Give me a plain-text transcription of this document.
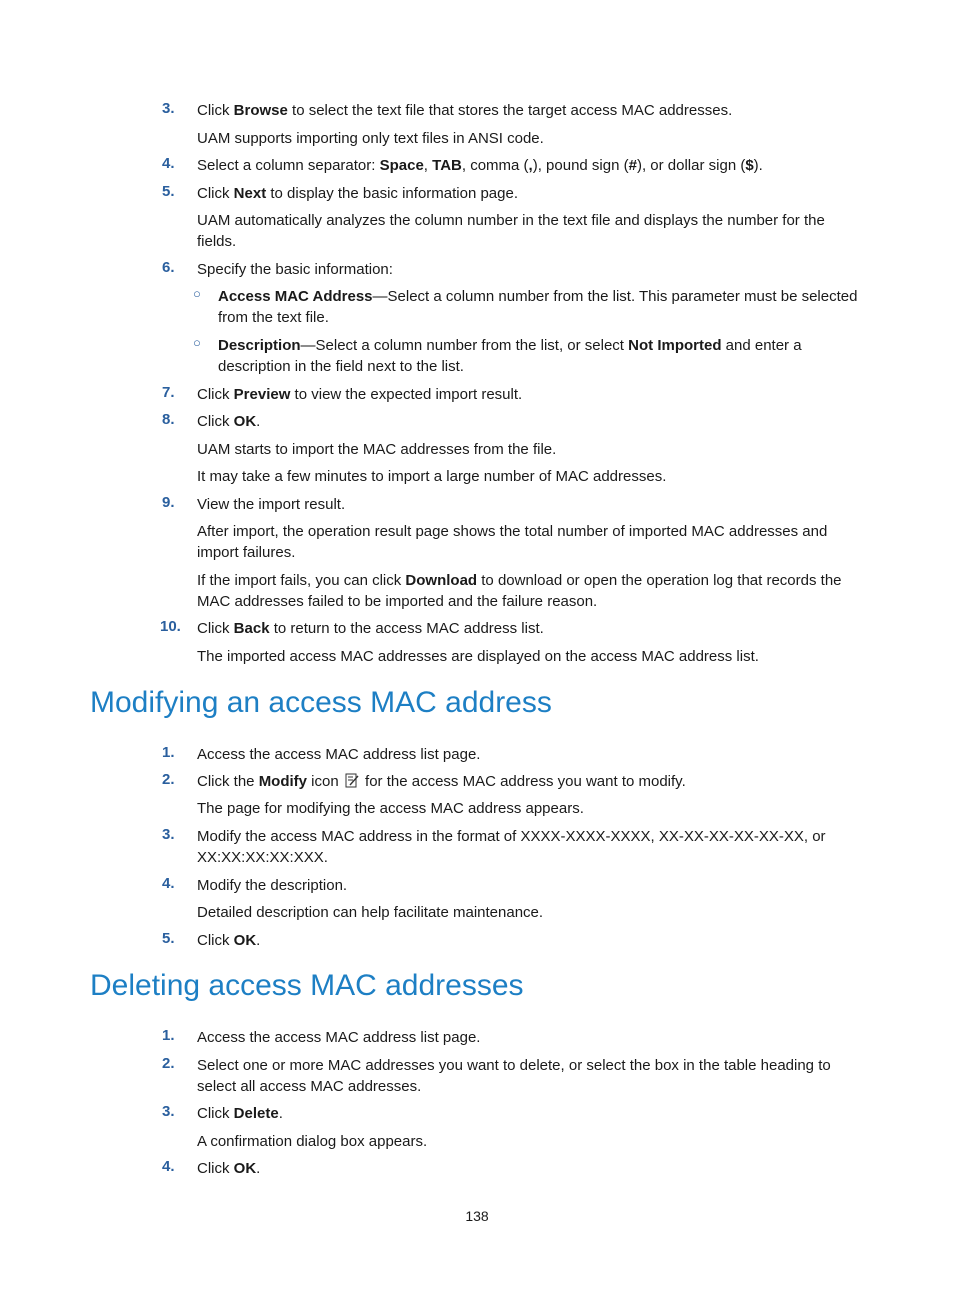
3.	Click Browse to select the text file that stores the target access MAC addresses.
UAM supports importing only text files in ANSI code.
4.	Select a column separator: Space, TAB, comma (,), pound sign (#), or dollar sign ($).
5.	Click Next to display the basic information page.
UAM automatically analyzes the column number in the text file and displays the number for the fields.
6.	Specify the basic information:
○ Access MAC Address—Select a column number from the list. This parameter must be selected from the text file.
○ Description—Select a column number from the list, or select Not Imported and enter a description in the field next to the list.
7.	Click Preview to view the expected import result.
8.	Click OK.
UAM starts to import the MAC addresses from the file.
It may take a few minutes to import a large number of MAC addresses.
9.	View the import result.
After import, the operation result page shows the total number of imported MAC addresses and import failures.
If the import fails, you can click Download to download or open the operation log that records the MAC addresses failed to be imported and the failure reason.
10.	Click Back to return to the access MAC address list.
The imported access MAC addresses are displayed on the access MAC address list.
Modifying an access MAC address
1.	Access the access MAC address list page.
2.	Click the Modify icon  for the access MAC address you want to modify.
The page for modifying the access MAC address appears.
3.	Modify the access MAC address in the format of XXXX-XXXX-XXXX, XX-XX-XX-XX-XX-XX, or XX:XX:XX:XX:XXX.
4.	Modify the description.
Detailed description can help facilitate maintenance.
5.	Click OK.
Deleting access MAC addresses
1.	Access the access MAC address list page.
2.	Select one or more MAC addresses you want to delete, or select the box in the table heading to select all access MAC addresses.
3.	Click Delete.
A confirmation dialog box appears.
4.	Click OK.
138
